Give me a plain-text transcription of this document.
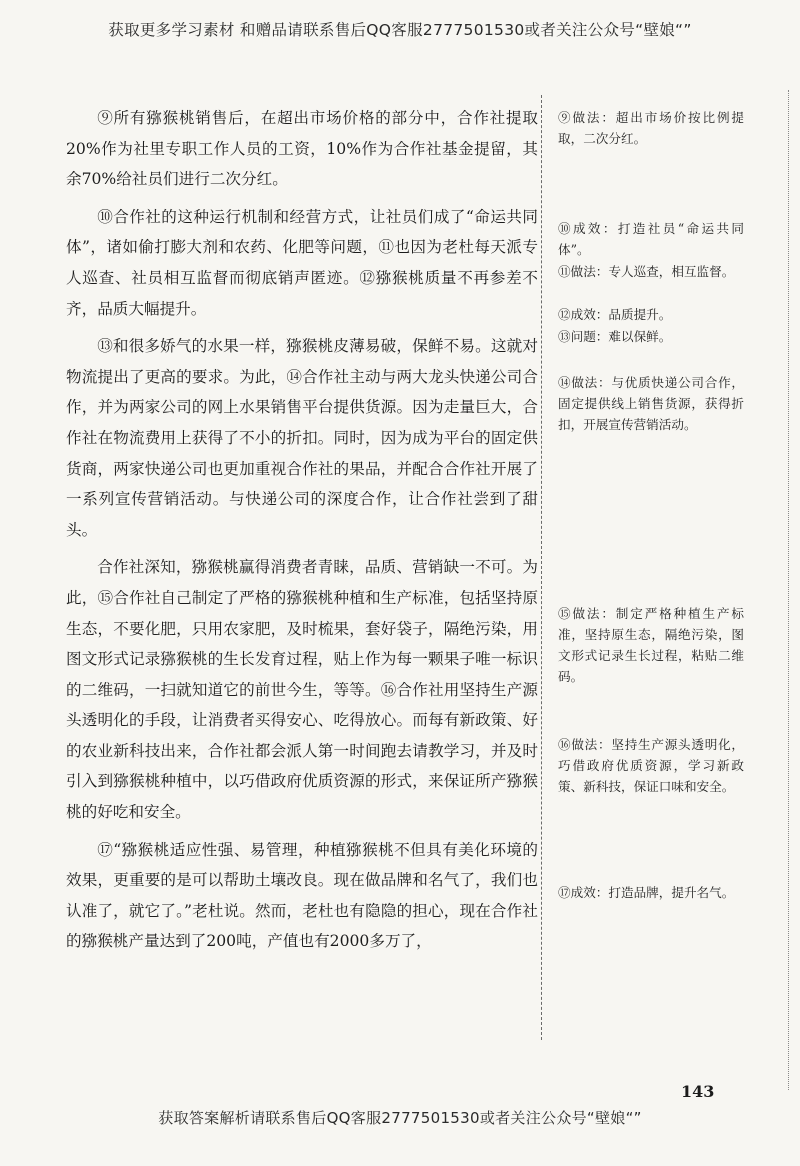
获取更多学习素材 和赠品请联系售后QQ客服2777501530或者关注公众号“壁娘“”

⑨所有猕猴桃销售后，在超出市场价格的部分中，合作社提取20%作为社里专职工作人员的工资，10%作为合作社基金提留，其余70%给社员们进行二次分红。

⑩合作社的这种运行机制和经营方式，让社员们成了“命运共同体”，诸如偷打膨大剂和农药、化肥等问题，⑪也因为老杜每天派专人巡查、社员相互监督而彻底销声匿迹。⑫猕猴桃质量不再参差不齐，品质大幅提升。

⑬和很多娇气的水果一样，猕猴桃皮薄易破，保鲜不易。这就对物流提出了更高的要求。为此，⑭合作社主动与两大龙头快递公司合作，并为两家公司的网上水果销售平台提供货源。因为走量巨大，合作社在物流费用上获得了不小的折扣。同时，因为成为平台的固定供货商，两家快递公司也更加重视合作社的果品，并配合合作社开展了一系列宣传营销活动。与快递公司的深度合作，让合作社尝到了甜头。

合作社深知，猕猴桃赢得消费者青睐，品质、营销缺一不可。为此，⑮合作社自己制定了严格的猕猴桃种植和生产标准，包括坚持原生态，不要化肥，只用农家肥，及时梳果，套好袋子，隔绝污染，用图文形式记录猕猴桃的生长发育过程，贴上作为每一颗果子唯一标识的二维码，一扫就知道它的前世今生，等等。⑯合作社用坚持生产源头透明化的手段，让消费者买得安心、吃得放心。而每有新政策、好的农业新科技出来，合作社都会派人第一时间跑去请教学习，并及时引入到猕猴桃种植中，以巧借政府优质资源的形式，来保证所产猕猴桃的好吃和安全。

⑰“猕猴桃适应性强、易管理，种植猕猴桃不但具有美化环境的效果，更重要的是可以帮助土壤改良。现在做品牌和名气了，我们也认准了，就它了。”老杜说。然而，老杜也有隐隐的担心，现在合作社的猕猴桃产量达到了200吨，产值也有2000多万了，

⑨做法：超出市场价按比例提取，二次分红。
⑩成效：打造社员“命运共同体”。
⑪做法：专人巡查，相互监督。
⑫成效：品质提升。
⑬问题：难以保鲜。
⑭做法：与优质快递公司合作，固定提供线上销售货源，获得折扣，开展宣传营销活动。
⑮做法：制定严格种植生产标准，坚持原生态，隔绝污染，图文形式记录生长过程，粘贴二维码。
⑯做法：坚持生产源头透明化，巧借政府优质资源，学习新政策、新科技，保证口味和安全。
⑰成效：打造品牌，提升名气。
143
获取答案解析请联系售后QQ客服2777501530或者关注公众号“壁娘“”
